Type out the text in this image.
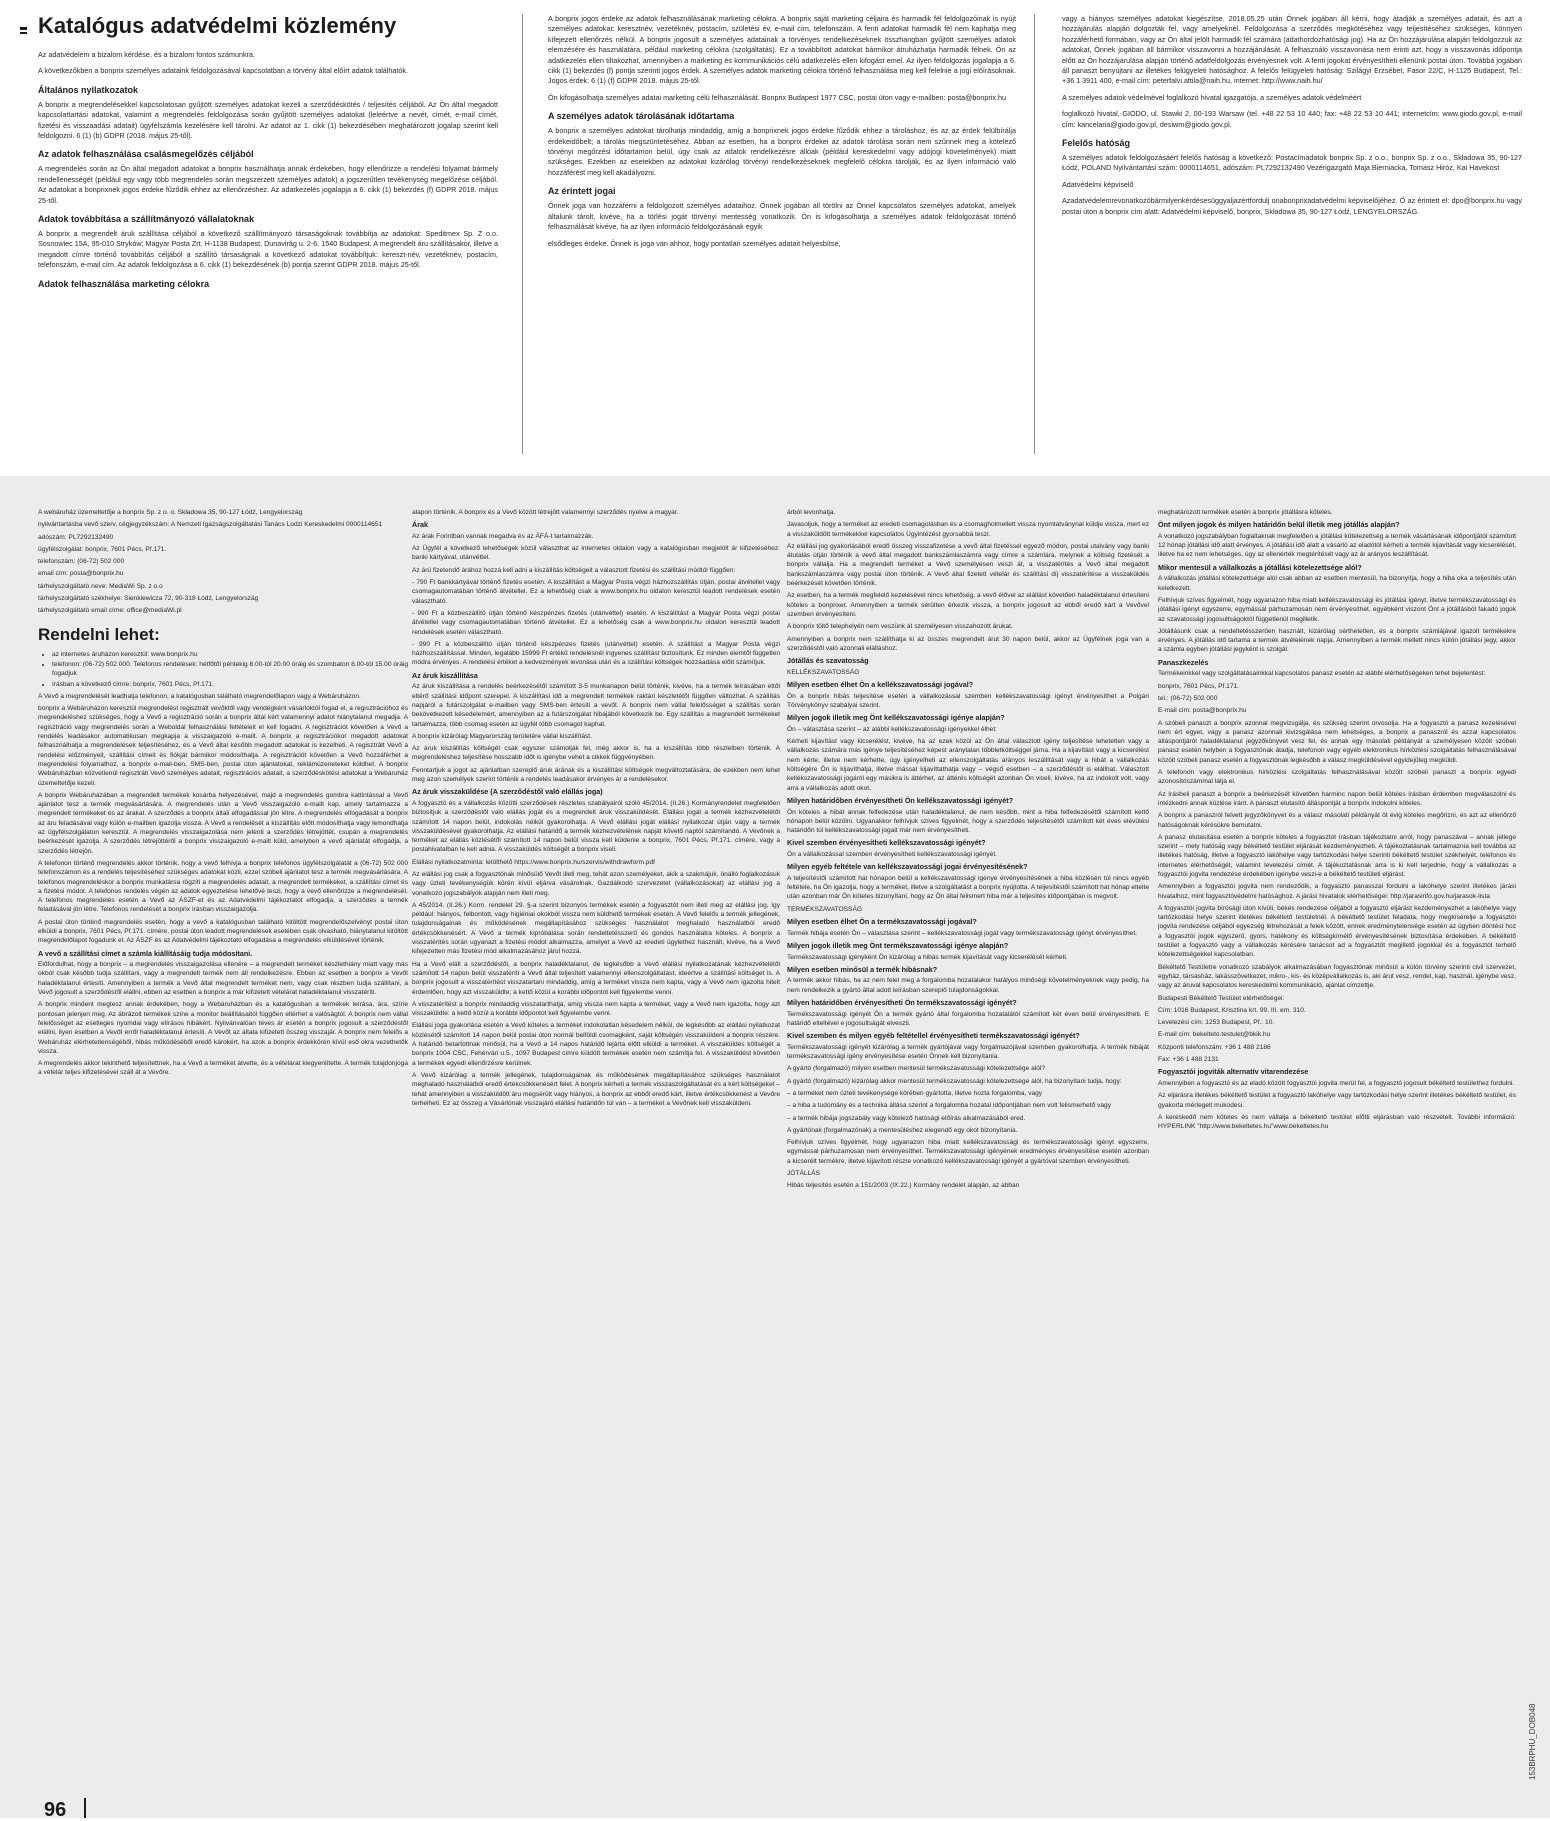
Katalógus adatvédelmi közlemény

Az adatvédelem a bizalom kérdése, és a bizalom fontos számunkra.

A következőkben a bonprix személyes adataink feldolgozásával kapcsolatban a törvény által előírt adatok találhatók.

Általános nyilatkozatok

A bonprix a megrendelésekkel kapcsolatosan gyűjtött személyes adatokat kezeli a szerződéskötés / teljesítés céljából. Az Ön által megadott kapcsolattartási adatokat, valamint a megrendelés feldolgozása során gyűjtött személyes adatokat (leleértve a nevét, címét, e-mail címét, fizetési és visszaadási adatait) ügyfélszámla kezelésére kell tárolni. Az adatot az 1. cikk (1) bekezdésében meghatározott jogalap szerint kell feldolgozni. 6 (1) (b) GDPR (2018. május 25-től).

Az adatok felhasználása csalásmegelőzés céljából

A megrendelés során az Ön által megadott adatokat a bonprix használhatja annak érdekében, hogy ellenőrizze a rendelési folyamat bármely rendellenességét (például egy vagy több megrendelés során megszerzett személyes adatok) a jogszerűtlen tevékenység megelőzése céljából. Az adatokat a bonprixnek jogos érdeke fűződik ehhez az ellenőrzéshez. Az adatkezelés jogalapja a 6. cikk (1) bekezdés (f) GDPR 2018. május 25-től.

Adatok továbbítása a szállítmányozó vállalatoknak

A bonprix a megrendelt áruk szállítása céljából a következő szállítmányozó társaságoknak továbbítja az adatokat: Speditmex Sp. Z o.o. Sosnowiec 15A, 95-010 Stryków; Magyar Posta Zrt. H-1138 Budapest, Dunavirág u. 2-6. 1540 Budapest. A megrendelt áru szállításakor, illetve a megadott címre történő továbbítás céljából a szállító társaságnak a következő adatokat továbbítjuk: kereszt-név, vezetéknév, postacím, telefonszám, e-mail cím. Az adatok feldolgozása a 6. cikk (1) bekezdésének (b) pontja szerint GDPR 2018. május 25-től.

Adatok felhasználása marketing célokra

A bonprix jogos érdeke az adatok felhasználásának marketing célokra. A bonprix saját marketing céljaira és harmadik fél feldolgozóinak is nyújt személyes adatokat: keresztnév, vezetéknév, postacím, születési év, e-mail cím, telefonszám. A fenti adatokat harmadik fél nem kaphatja meg kifejezett ellenőrzés nélkül. A bonprix jogosult a személyes adatainak a törvényes rendelkezéseknek összhangban gyűjtött személyes adatok elemzésére és használatára, például marketing célokra (szolgáltatás). Ez a továbbított adatokat bármikor átruházhatja harmadik félnek. Ön az adatkezelés ellen tiltakozhat, amennyiben a marketing és kommunikációs célú adatkezelés ellen kifogást emel. Az ilyen feldolgozás jogalapja a 6. cikk (1) bekezdés (f) pontja szerinti jogos érdek. A személyes adatok marketing célokra történő felhasználása meg kell felelnie a jogi előírásoknak. Jogos érdek: 6 (1) (f) GDPR 2018. május 25-től.

Ön kifogásolhatja személyes adatai marketing célú felhasználását. Bonprix Budapest 1977 CSC, postai úton vagy e-mailben: posta@bonprix.hu

A személyes adatok tárolásának időtartama

A bonprix a személyes adatokat tárolhatja mindaddig, amíg a bonprixnek jogos érdeke fűződik ehhez a tároláshoz, és az az érdek felülbírálja érdekeidőbelt; a tárolás megszüntetéséhez. Abban az esetben, ha a bonprix érdekei az adatok tárolása során nem szűnnek meg a kötelező törvényi megőrzési időtartamon belül, úgy csak az adatok rendelkezésre állóak (például kereskedelmi vagy adójogi követelmények) miatt szükséges. Ezekben az esetekben az adatokat kizárólag törvényi rendelkezéseknek megfelelő célokra tárolják, és az ilyen információ való hozzáférést meg kell akadályozni.

Az érintett jogai

Önnek joga van hozzáférni a feldolgozott személyes adataihoz. Önnek jogában áll törölni az Önnel kapcsolatos személyes adatokat, amelyek általunk tárolt, kivéve, ha a törlési jogát törvényi mentesség vonatkozik. Ön is kifogásolhatja a személyes adatok feldolgozását történő felhasználását kivéve, ha az ilyen információ feldolgozásának egyik

elsődleges érdeke. Önnek is joga van ahhoz, hogy pontatlan személyes adatait helyesbítse,

vagy a hiányos személyes adatokat kiegészítse. 2018.05.25 után Önnek jogában áll kérni, hogy átadják a személyes adatait, és azt a hozzájárulás alapján dolgozták fel, vagy amelyeknél. Feldolgozása a szerződés megkötéséhez vagy teljesítéséhez szükséges, könnyen hozzáférhető formában, vagy az Ön által jelölt harmadik fél számára (adathordozhatósági jog). Ha az Ön hozzájárulása alapján feldolgozzuk az adatokat, Önnek jogában áll bármikor visszavonni a hozzájárulását. A felhasználó visszavonása nem érinti azt, hogy a visszavonás időpontja előtt az Ön hozzájárulása alapján történő adatfeldolgozás érvényesnek volt. A fenti jogokat érvényesítheti ellenünk postai úton. Továbbá jogában áll panaszt benyújtani az illetékes felügyeleti hatósághoz. A felelős felügyeleti hatóság: Szilágyi Erzsébet, Fasor 22/C, H-1125 Budapest, Tel.: +36 1 3911 400, e-mail cím: peterfalvi.attila@naih.hu, internet: http://www.naih.hu/

A személyes adatok védelmével foglalkozó hivatal igazgatója, a személyes adatok védelméért

foglalkozó hivatal, GIODO, ul. Stawki 2, 00-193 Warsaw (tel. +48 22 53 10 440; fax: +48 22 53 10 441; internetcím: www.giodo.gov.pl, e-mail cím: kancelaria@giodo.gov.pl, desiwm@giodo.gov.pl.

Felelős hatóság

A személyes adatok feldolgozásáért felelős hatóság a következő: Postacímadatok bonprix Sp. z o.o., bonprix Sp. z o.o., Składowa 35, 90-127 Łódź, POLAND Nyilvántartási szám: 0000114651, adószám: PL7292132490 Vezérigazgató Maja Bierniacka, Tomasz Hiróz, Kai Havekost

Adatvédelmi képviselő

Azadatvédelemrevonatkozóbármilyenkérdésesüggyaljazértfordulj onabonprixadatvédelmi képviselőjéhez. Ő az érintett el: dpo@bonprix.hu vagy postai úton a bonprix cím alatt: Adatvédelmi képviselő, bonprix, Składowa 35, 90-127 Łódź, LENGYELORSZÁG.

A webáruház üzemeltetője a bonprix Sp. z o. o. Składowa 35, 90-127 Łódź, Lengyelország

nyilvántartásba vevő szerv, cégjegyzékszám: A Nemzeti Igazságszolgáltatási Tanács Lodzi Kereskedelmi 0000114651

adószám: PL7292132490

ügyfélszolgálat: bonprix, 7601 Pécs, Pf.171.

telefonszám: (06-72) 502 000

email cím: posta@bonprix.hu

tárhelyszolgáltató neve: MediaWi Sp. z o.o

tárhelyszolgáltató székhelye: Sienkiewicza 72, 90-318 Łódź, Lengyelország

tárhelyszolgáltató email címe: office@mediaWi.pl

Rendelni lehet:
• az internetes áruházon keresztül: www.bonprix.hu
• telefonon: (06-72) 502 000. Telefonos rendelések: hétfőtől péntekig 8.00-tól 20.00 óráig és szombaton 8.00-tól 15.00 óráig fogadjuk
• írásban a következő címre: bonprix, 7601 Pécs, Pf.171.

A Vevő a megrendelését leadhatja telefonon, a katalógusban található megrendelőlapon vagy a Webáruházon.

bonprix a Webáruházon keresztül megrendelést regisztrált vevőktől vagy vendégként vásárlóktól fogad el, a regisztrációhoz és megrendeléshez szükséges, hogy a Vevő a regisztráció során a bonprix által kért valamennyi adatot hiánytalanul megadja. A regisztráció vagy megrendelés során a Weboldal felhasználási feltételeit el kell fogadni. A regisztrációt követően a Vevő a rendelés leadásakor automatikusan megkapja a visszaigazoló e-mailt. A bonprix a regisztrációkor megadott adatokat felhasználhatja a megrendelések teljesítéséhez, és a Vevő által később megadott adatokat is kezelheti. A regisztrált Vevő a rendelési előzményeit, szállítási címeit és fiókját bármikor módosíthatja. A regisztrációt követően a Vevő hozzáférhet a megrendelési folyamathoz, a bonprix e-mail-ben, SMS-ben, postai úton ajánlatokat, reklámüzeneteket küldhet. A bonprix Webáruházban közvetlenül regisztrált Vevő személyes adatait, regisztrációs adatait, a szerződéskötési adatokat a Webáruház üzemeltetője kezeli.

A bonprix Webáruházában a megrendelt termékek kosárba helyezésével, majd a megrendelés gombra kattintással a Vevő ajánlatot tesz a termék megvásárlására. A megrendelés után a Vevő visszaigazoló e-mailt kap, amely tartalmazza a megrendelt termékeket és az árakat. A szerződés a bonprix általi elfogadással jön létre. A megrendelés elfogadását a bonprix az áru feladásával vagy külön e-mailben igazolja vissza. A Vevő a rendelését a kiszállítás előtt módosíthatja vagy lemondhatja az ügyfélszolgálaton keresztül. A megrendelés visszaigazolása nem jelenti a szerződés létrejöttét, csupán a megrendelés beérkezését igazolja. A szerződés létrejöttéről a bonprix visszaigazoló e-mailt küld, amelyben a vevő ajánlatát elfogadja, a szerződés létrejön.

A telefonon történő megrendelés akkor történik, hogy a vevő felhívja a bonprix telefonos ügyfélszolgálatát a (06-72) 502 000 telefonszámon és a rendelés teljesítéséhez szükséges adatokat közli, ezzel szóbeli ajánlatot tesz a termék megvásárlására. A telefonos megrendeléskor a bonprix munkatársa rögzíti a megrendelés adatait, a megrendelt termékeket, a szállítási címet és a fizetési módot. A telefonos rendelés végén az adatok egyeztetése lehetővé teszi, hogy a vevő ellenőrizze a megrendelését. A telefonos megrendelés esetén a Vevő az ÁSZF-et és az Adatvédelmi tájékoztatót elfogadja, a szerződés a termék feladásával jön létre. Telefonos rendelését a bonprix írásban visszaigazolja.

A postai úton történő megrendelés esetén, hogy a vevő a katalógusban található kitöltött megrendelőszelvényt postai úton elküldi a bonprix, 7601 Pécs, Pf.171. címére, postai úton leadott megrendelések esetében csak olvasható, hiánytalanul kitöltött megrendelőlapot fogadunk el. Az ÁSZF és az Adatvédelmi tájékoztató elfogadása a megrendelés elküldésével történik.

A vevő a szállítási címet a számla kiállításáig tudja módosítani.

Előfordulhat, hogy a bonprix – a megrendelés visszaigazolása ellenére – a megrendelt terméket készlethiány miatt vagy más okból csak később tudja szállítani, vagy a megrendelt termék nem áll rendelkezésre. Ebben az esetben a bonprix a Vevőt haladéktalanul értesíti. Amennyiben a termék a Vevő által megrendelt terméket nem, vagy csak részben tudja szállítani, a Vevő jogosult a szerződéstől elállni, ebben az esetben a bonprix a már kifizetett vételárat haladéktalanul visszatéríti.

A bonprix mindent megtesz annak érdekében, hogy a Webáruházban és a katalógusban a termékek leírása, ára, színe pontosan jelenjen meg. Az ábrázolt termékek színe a monitor beállításaitól függően eltérhet a valóságtól. A bonprix nem vállal felelősséget az esetleges nyomdai vagy elírásos hibákért. Nyilvánvalóan téves ár esetén a bonprix jogosult a szerződéstől elállni, ilyen esetben a Vevőt erről haladéktalanul értesíti. A Vevőt az általa kifizetett összeg visszajár. A bonprix nem felelős a Webáruház elérhetetlenségéből, hibás működéséből eredő károkért, ha azok a bonprix érdekkörén kívül eső okra vezethetők vissza.

A megrendelés akkor tekinthető teljesítettnek, ha a Vevő a terméket átvette, és a vételárat kiegyenlítette. A termék tulajdonjoga a vételár teljes kifizetésével száll át a Vevőre.

alapon történik. A bonprix és a Vevő között létrejött valamennyi szerződés nyelve a magyar.

Árak

Az árak Forintban vannak megadva és az ÁFÁ-t tartalmazzák.

Az Ügyfél a következő lehetőségek közül választhat az internetes oldalon vagy a katalógusban megjelölt ár kifizetéséhez: banki kártyával, utánvéttel.

Az árú fizetendő árához hozzá kell adni a kiszállítás költségeit a választott fizetési és szállítási módtól függően:

- 790 Ft bankkártyával történő fizetés esetén. A kiszállítást a Magyar Posta végzi házhozszállítás útján, postai átvétellel vagy csomagautomatában történő átvétellel. Ez a lehetőség csak a www.bonprix.hu oldalon keresztül leadott rendelések esetén választható.

- 990 Ft a közbeszállító útján történő készpénzes fizetés (utánvéttel) esetén. A kiszállítást a Magyar Posta végzi postai átvétellel vagy csomagautomatában történő átvétellel. Ez a lehetőség csak a www.bonprix.hu oldalon keresztül leadott rendelések esetén választható.

- 990 Ft a közbeszállító útján történő készpénzes fizetés (utánvéttel) esetén. A szállítást a Magyar Posta végzi házhozszállítással. Minden, legalább 15999 Ft értékű rendelésnél ingyenes szállítást biztosítunk. Ez minden elemtől független módra érvényes. A rendelési értéket a kedvezmények levonása után és a szállítási költségek hozzáadása előtt számítjuk.

Az áruk kiszállítása

Az áruk kiszállítása a rendelés beérkezésétől számított 3-5 munkanapon belül történik, kivéve, ha a termék leírásában ettől eltérő szállítási időpont szerepel. A kiszállítási idő a megrendelt termékek raktári készletétől függően változhat. A szállítás napjáról a futárszolgálat e-mailben vagy SMS-ben értesíti a vevőt. A bonprix nem vállal felelősséget a szállítás során bekövetkezett késedelemért, amennyiben az a futárszolgálat hibájából következik be. Egy szállítás a megrendelt termékeket tartalmazza, több csomag esetén az ügyfél több csomagot kaphat.

A bonprix kizárólag Magyarország területére vállal kiszállítást.

Az áruk kiszállítás költségét csak egyszer számolják fel, még akkor is, ha a kiszállítás több részletben történik. A megrendeléshez teljesítése hosszabb időt is igénybe vehet a cikkek függvényében.

Fenntartjuk a jogot az ajánlatban szereplő áruk árának és a kiszállítási költségek megváltoztatására, de ezekben nem lehet meg azon személyek szerint történik a rendelés leadásakor érvényes ár a rendelésekor.

Az áruk visszaküldése (A szerződéstől való elállás joga)

A fogyasztó és a vállalkozás közötti szerződések részletes szabályairól szóló 45/2014. (II.26.) Kormányrendelet megfelelően biztosítjuk a szerződéstől való elállás jogát és a megrendelt áruk visszaküldését. Elállási jogát a termék kézhezvételétől számított 14 napon belül, indokolás nélkül gyakorolhatja. A Vevő elállási jogát elállási nyilatkozat útján vagy a termék visszaküldésével gyakorolhatja. Az elállási határidő a termék kézhezvételének napját követő naptól számítandó. A Vevőnek a terméket az elállás közlésétől számított 14 napon belül vissza kell küldenie a bonprix, 7601 Pécs, Pf.171. címére, vagy a postahivatalban le kell adnia. A visszaküldés költségét a bonprix viseli.

Elállási nyilatkozatminta: letölthető https://www.bonprix.hu/szervis/withdrawform.pdf

Az elállási jog csak a fogyasztónak minősülő Vevőt illeti meg, tehát azon személyeket, akik a szakmájuk, önálló foglalkozásuk vagy üzleti tevékenységük körén kívül eljárva vásárolnak. Gazdálkodó szervezetet (vállalkozásokat) az elállási jog a vonatkozó jogszabályok alapján nem illeti meg.

A 45/2014. (II.26.) Korm. rendelet 29. §-a szerint bizonyos termékek esetén a fogyasztót nem illeti meg az elállási jog, így például: hiányos, felbontott, vagy higiéniai okokból vissza nem küldhető termékek esetén. A Vevő felelős a termék jellegének, tulajdonságainak és működésének megállapításához szükséges használatot meghaladó használatból eredő értékcsökkenésért. A Vevő a termék kipróbálása során rendeltetésszerű és gondos használatra köteles. A bonprix a visszatérítés során ugyanazt a fizetési módot alkalmazza, amelyet a Vevő az eredeti ügylethez használt, kivéve, ha a Vevő kifejezetten más fizetési mód alkalmazásához járul hozzá.

Ha a Vevő eláll a szerződéstől, a bonprix haladéktalanul, de legkésőbb a Vevő elállási nyilatkozatának kézhezvételétől számított 14 napon belül visszatéríti a Vevő által teljesített valamennyi ellenszolgáltatást, ideértve a szállítási költséget is. A bonprix jogosult a visszatérítést visszatartani mindaddig, amíg a terméket vissza nem kapta, vagy a Vevő nem igazolta hitelt érdemlően, hogy azt visszaküldte; a kettő közül a korábbi időpontot kell figyelembe venni.

A visszatérítést a bonprix mindaddig visszatarthatja, amíg vissza nem kapta a terméket, vagy a Vevő nem igazolta, hogy azt visszaküldte: a kettő közül a korábbi időpontot kell figyelembe venni.

Elállási joga gyakorlása esetén a Vevő köteles a terméket indokolatlan késedelem nélkül, de legkésőbb az elállási nyilatkozat közlésétől számított 14 napon belül postai úton normál belföldi csomagként, saját költségén visszaküldeni a bonprix részére. A határidő betartottnak minősül, ha a Vevő a 14 napos határidő lejárta előtt elküldi a terméket. A visszaküldés költségét a bonprix 1004 CSC, Fehérvári u.5., 1097 Budapest címre küldött termékek esetén nem számítja fel. A visszaküldést követően a termékek egyedi ellenőrzésre kerülnek.

A Vevő kizárólag a termék jellegének, tulajdonságainak és működésének megállapításához szükséges használatot meghaladó használatból eredő értékcsökkenésért felel. A bonprix kérheti a termék visszaszolgáltatását és a kért költségeket – tehát amennyiben a visszaküldött áru megsérült vagy hiányos, a bonprix az ebből eredő kárt, illetve értékcsökkenést a Vevőre terhelheti. Ez az összeg a Vásárlónak visszajáró elállási határidőn túl van – a terméket a Vevőnek kell visszaküldeni.

árból levonhatja.

Javasoljuk, hogy a terméket az eredeti csomagolásban és a csomagholmellett vissza nyomtatványnal küldje vissza, mert ez a visszaküldött termékekkel kapcsolatos Ügyintézést gyorsabbá teszi.

Az elállási jog gyakorlásából eredő összeg visszafizetése a vevő által fizetéssel egyező módon, postai utalvány vagy banki átutalás útján történik a vevő által megadott bankszámlaszámra vagy címre a számlára, melynek a költség fizetését a bonprix vállalja. Ha a megrendelt terméket a Vevő személyesen veszi át, a visszatérítés a Vevő által megadott bankszámlaszámra vagy postai úton történik. A Vevő által fizetett vételár és szállítási díj visszatérítése a visszaküldés beérkezését követően történik.

Az esetben, ha a termék megfelelő kezelésével nincs lehetőség, a vevő élővel az elállást követően haladéktalanul értesíteni köteles a bonprixet. Amennyiben a termék sérülten érkezik vissza, a bonprix jogosult az ebből eredő kárt a Vevővel szemben érvényesíteni.

A bonprix töltő telephelyén nem veszünk át személyesen visszahozott árukat.

Amennyiben a bonprix nem szállíthatja ki az összes megrendelt árut 30 napon belül, akkor az Ügyfélnek joga van a szerződéstől való azonnali elálláshoz.

Jótállás és szavatosság

KELLÉKSZAVATOSSÁG

Milyen esetben élhet Ön a kellékszavatossági jogával?

Ön a bonprix hibás teljesítése esetén a vállalkozással szemben kellékszavatossági igényt érvényesíthet a Polgári Törvénykönyv szabályai szerint.

Milyen jogok illetik meg Önt kellékszavatossági igénye alapján?

Ön – választása szerint – az alábbi kellékszavatossági igényekkel élhet:

Kérheti kijavítást vagy kicserélést, kivéve, ha az ezek közül az Ön által választott igény teljesítése lehetetlen vagy a vállalkozás számára más igénye teljesítéséhez képest aránytalan többletköltséggel járna. Ha a kijavítást vagy a kicserélést nem kérte, illetve nem kérhette, úgy igényelheti az ellenszolgáltatás arányos leszállítását vagy a hibát a vállalkozás költségére Ön is kijavíthatja, illetve mással kijavíttathatja vagy – végső esetben – a szerződéstől is elállhat. Választott kellékszavatossági jogáról egy másikra is áttérhet, az áttérés költségét azonban Ön viseli, kivéve, ha az indokolt volt, vagy arra a vállalkozás adott okot.

Milyen határidőben érvényesítheti Ön kellékszavatossági igényét?

Ön köteles a hibát annak felfedezése után haladéktalanul, de nem később, mint a hiba felfedezésétől számított kettő hónapon belül közölni. Ugyanakkor felhívjuk szíves figyelmét, hogy a szerződés teljesítésétől számított két éves elévülési határidőn túl kellékszavatossági jogait már nem érvényesítheti.

Kivel szemben érvényesítheti kellékszavatossági igényét?

Ön a vállalkozással szemben érvényesítheti kellékszavatossági igényét.

Milyen egyéb feltétele van kellékszavatossági jogai érvényesítésének?

A teljesítéstől számított hat hónapon belül a kellékszavatossági igénye érvényesítésének a hiba közlésén túl nincs egyéb feltétele, ha Ön igazolja, hogy a terméket, illetve a szolgáltatást a bonprix nyújtotta. A teljesítéstől számított hat hónap eltelte után azonban már Ön köteles bizonyítani, hogy az Ön által felismert hiba már a teljesítés időpontjában is megvolt.

TERMÉKSZAVATOSSÁG

Milyen esetben élhet Ön a termékszavatossági jogával?

Termék hibája esetén Ön – választása szerint – kellékszavatossági jogát vagy termékszavatossági igényt érvényesíthet.

Milyen jogok illetik meg Önt termékszavatossági igénye alapján?

Termékszavatossági igényként Ön kizárólag a hibás termék kijavítását vagy kicserélését kérheti.

Milyen esetben minősül a termék hibásnak?

A termék akkor hibás, ha az nem felel meg a forgalomba hozatalakor hatályos minőségi követelményeknek vagy pedig, ha nem rendelkezik a gyártó által adott leírásban szereplő tulajdonságokkal.

Milyen határidőben érvényesítheti Ön termékszavatossági igényét?

Termékszavatossági igényét Ön a termék gyártó által forgalomba hozatalától számított két éven belül érvényesítheti. E határidő elteltével e jogosultságát elveszti.

Kivel szemben és milyen egyéb feltétellel érvényesítheti termékszavatossági igényét?

Termékszavatossági igényét kizárólag a termék gyártójával vagy forgalmazójával szemben gyakorolhatja. A termék hibáját termékszavatossági igény érvényesítése esetén Önnek kell bizonyítania.

A gyártó (forgalmazó) milyen esetben mentesül termékszavatossági kötelezettsége alól?

A gyártó (forgalmazó) kizárólag akkor mentesül termékszavatossági kötelezettsége alól, ha bizonyítani tudja, hogy:

– a terméket nem üzleti tevékenysége körében gyártotta, illetve hozta forgalomba, vagy

– a hiba a tudomány és a technika állása szerint a forgalomba hozatal időpontjában nem volt felismerhető vagy

– a termék hibája jogszabály vagy kötelező hatósági előírás alkalmazásából ered.

A gyártónak (forgalmazónak) a mentesüléshez elegendő egy okot bizonyítania.

Felhívjuk szíves figyelmét, hogy ugyanazon hiba miatt kellékszavatossági és termékszavatossági igényt egyszerre, egymással párhuzamosan nem érvényesíthet. Termékszavatossági igényének eredményes érvényesítése esetén azonban a kicserélt termékre, illetve kijavított részre vonatkozó kellékszavatossági igényét a gyártóval szemben érvényesítheti.

JÓTÁLLÁS

Hibás teljesítés esetén a 151/2003 (IX.22.) Kormány rendelet alapján, az abban

meghatározott termékek esetén a bonprix jótállásra köteles.

Önt milyen jogok és milyen határidőn belül illetik meg jótállás alapján?

A vonatkozó jogszabályban foglaltaknak megfelelően a jótállási kötelezettség a termék vásárlásának időpontjától számított 12 hónap jótállási idő alatt érvényes. A jótállási idő alatt a vásárló az eladótól kérheti a termék kijavítását vagy kicserélését, illetve ha ez nem lehetséges, úgy az ellenérték megtérítését vagy az ár arányos leszállítását.

Mikor mentesül a vállalkozás a jótállási kötelezettsége alól?

A vállalkozás jótállási kötelezettsége alól csak abban az esetben mentesül, ha bizonyítja, hogy a hiba oka a teljesítés után keletkezett.

Felhívjuk szíves figyelmét, hogy ugyanazon hiba miatt kellékszavatossági és jótállási igényt, illetve termékszavatossági és jótállási igényt egyszerre, egymással párhuzamosan nem érvényesíthet, egyébként viszont Önt a jótállásból fakadó jogok az szavatossági jogosultságoktól függetlenül megilletik.

Jótállásunk csak a rendeltetésszerűen használt, kizárólag sérthetetlen, és a bonprix számlájával igazolt termékekre érvényes. A jótállás idő tartama a termék átvételének napja. Amennyiben a termék mellett nincs külön jótállási jegy, akkor a számla egyben jótállási jegyként is szolgál.

Panaszkezelés

Termékeinkkel vagy szolgáltatásainkkal kapcsolatos panasz esetén az alábbi elérhetőségeken tehet bejelentést:

bonprix, 7601 Pécs, Pf.171.

tel.: (06-72) 502 000

E-mail cím: posta@bonprix.hu

A szóbeli panaszt a bonprix azonnal megvizsgálja, és szükség szerint orvosolja. Ha a fogyasztó a panasz kezelésével nem ért egyet, vagy a panasz azonnali kivizsgálása nem lehetséges, a bonprix a panaszról és azzal kapcsolatos álláspontjáról haladéktalanul jegyzőkönyvet vesz fel, és annak egy másolati példányát a személyesen közölt szóbeli panasz esetén helyben a fogyasztónak átadja, telefonon vagy egyéb elektronikus hírközlési szolgáltatás felhasználásával közölt szóbeli panasz esetén a fogyasztónak legkésőbb a válasz megküldésével egyidejűleg megküldi.

A telefonon vagy elektronikus hírközlési szolgáltatás felhasználásával közölt szóbeli panaszt a bonprix egyedi azonosítószámmal látja el.

Az írásbeli panaszt a bonprix a beérkezését követően harminc napon belül köteles írásban érdemben megválaszolni és intézkedni annak közlése iránt. A panaszt elutasító álláspontját a bonprix indokolni köteles.

A bonprix a panaszról felvett jegyzőkönyvet és a válasz másolati példányát öt évig köteles megőrizni, és azt az ellenőrző hatóságoknak kérésükre bemutatni.

A panasz elutasítása esetén a bonprix köteles a fogyasztót írásban tájékoztatni arról, hogy panaszával – annak jellege szerint – mely hatóság vagy békéltető testület eljárását kezdeményezheti. A tájékoztatásnak tartalmaznia kell továbbá az illetékes hatóság, illetve a fogyasztó lakóhelye vagy tartózkodási helye szerinti békéltető testület székhelyét, telefonos és internetes elérhetőségét, valamint levelezési címét. A tájékoztatásnak arra is ki kell terjednie, hogy a vállalkozás a fogyasztói jogvita rendezése érdekében igénybe veszi-e a békéltető testületi eljárást.

Amennyiben a fogyasztói jogvita nem rendeződik, a fogyasztó panasszal fordulni a lakóhelye szerint illetékes járási hivatalhoz, mint fogyasztóvédelmi hatósághoz. A járási hivatalok elérhetőségei: http://jarasinfo.gov.hu/jarasok-lista

A fogyasztói jogvita bírósági úton kívüli, békés rendezése céljából a fogyasztó eljárást kezdeményezhet a lakóhelye vagy tartózkodási helye szerint illetékes békéltető testületnél. A békéltető testület feladata, hogy megkísérelje a fogyasztói jogvita rendezése céljából egyezség létrehozását a felek között, ennek eredménytelensége esetén az ügyben döntést hoz a fogyasztói jogok egyszerű, gyors, hatékony és költségkímélő érvényesítésének biztosítása érdekében. A békéltető testület a fogyasztó vagy a vállalkozás kérésére tanácsot ad a fogyasztót megillető jogokkal és a fogyasztót terhelő kötelezettségekkel kapcsolatban.

Békéltető Testületre vonatkozó szabályok alkalmazásában fogyasztónak minősül a külön törvény szerinti civil szervezet, egyház, társasház, lakásszövetkezet, mikro-, kis- és középvállalkozás is, aki árut vesz, rendel, kap, használ, igénybe vesz, vagy az áruval kapcsolatos kereskedelmi kommunikáció, ajánlat címzettje.

Budapesti Békéltető Testület elérhetőségei:

Cím: 1016 Budapest, Krisztina krt. 99. III. em. 310.

Levelezési cím: 1253 Budapest, Pf.: 10.

E-mail cím: bekelteto.testulet@bkik.hu

Központi telefonszám: +36 1 488 2186

Fax: +36 1 488 2131

Fogyasztói jogviták alternatív vitarendezése

Amennyiben a fogyasztó és az eladó között fogyasztói jogvita merül fel, a fogyasztó jogosult békéltető testülethez fordulni.

Az eljárásra illetékes békéltető testület a fogyasztó lakóhelye vagy tartózkodási helye szerint illetékes békéltető testület, és gyakorta mérlegelt mukodesi.

A kereskedő nem köteles és nem vállalja a békéltető testület előtti eljárásban való részvételt. További információ: HYPERLINK "http://www.bekeltetes.hu"www.bekeltetes.hu

96
153BRPHU_DOB048
